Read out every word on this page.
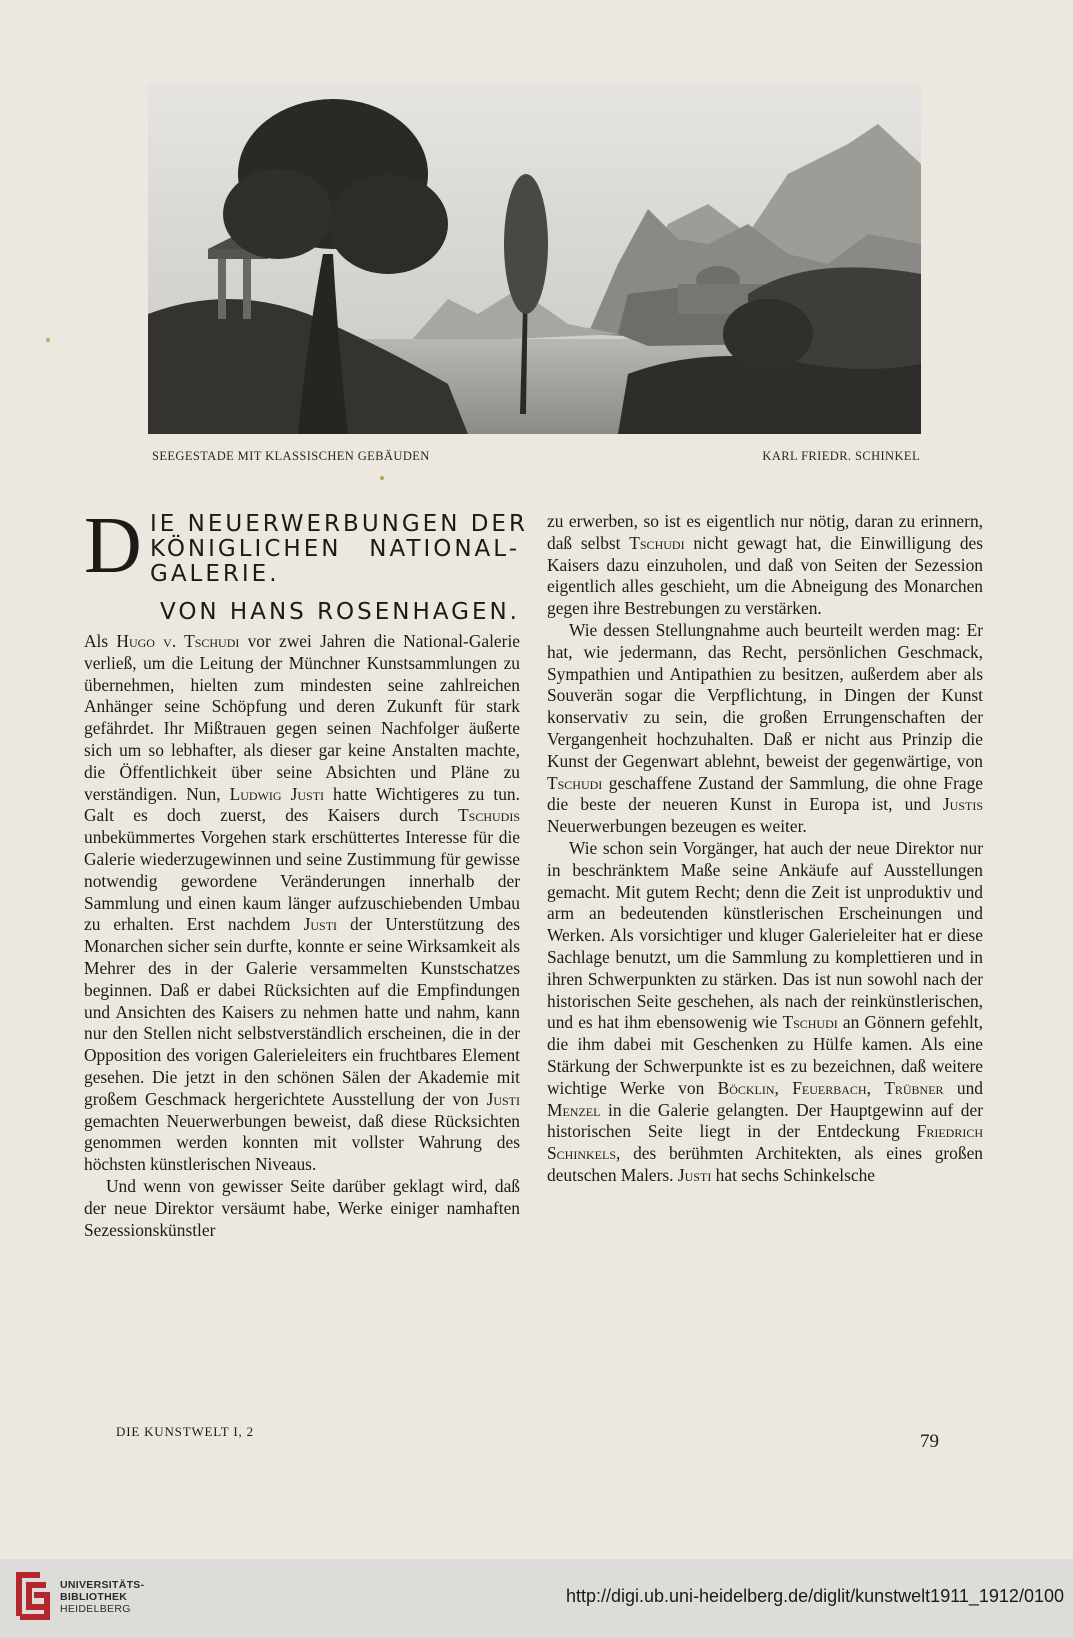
SEEGESTADE MIT KLASSISCHEN GEBÄUDEN	KARL FRIEDR. SCHINKEL
D IE NEUERWERBUNGEN DER
KÖNIGLICHEN NATIONAL-
GALERIE.
VON HANS ROSENHAGEN.

Als Hugo v. Tschudi vor zwei Jahren die National-Galerie verließ, um die Leitung der Münchner Kunstsammlungen zu übernehmen, hielten zum mindesten seine zahlreichen Anhänger seine Schöpfung und deren Zukunft für stark gefährdet. Ihr Mißtrauen gegen seinen Nachfolger äußerte sich um so lebhafter, als dieser gar keine Anstalten machte, die Öffentlichkeit über seine Absichten und Pläne zu verständigen. Nun, Ludwig Justi hatte Wichtigeres zu tun. Galt es doch zuerst, des Kaisers durch Tschudis unbekümmertes Vorgehen stark erschüttertes Interesse für die Galerie wiederzugewinnen und seine Zustimmung für gewisse notwendig gewordene Veränderungen innerhalb der Sammlung und einen kaum länger aufzuschiebenden Umbau zu erhalten. Erst nachdem Justi der Unterstützung des Monarchen sicher sein durfte, konnte er seine Wirksamkeit als Mehrer des in der Galerie versammelten Kunstschatzes beginnen. Daß er dabei Rücksichten auf die Empfindungen und Ansichten des Kaisers zu nehmen hatte und nahm, kann nur den Stellen nicht selbstverständlich erscheinen, die in der Opposition des vorigen Galerieleiters ein fruchtbares Element gesehen. Die jetzt in den schönen Sälen der Akademie mit großem Geschmack hergerichtete Ausstellung der von Justi gemachten Neuerwerbungen beweist, daß diese Rücksichten genommen werden konnten mit vollster Wahrung des höchsten künstlerischen Niveaus.

Und wenn von gewisser Seite darüber geklagt wird, daß der neue Direktor versäumt habe, Werke einiger namhaften Sezessionskünstler

zu erwerben, so ist es eigentlich nur nötig, daran zu erinnern, daß selbst Tschudi nicht gewagt hat, die Einwilligung des Kaisers dazu einzuholen, und daß von Seiten der Sezession eigentlich alles geschieht, um die Abneigung des Monarchen gegen ihre Bestrebungen zu verstärken.

Wie dessen Stellungnahme auch beurteilt werden mag: Er hat, wie jedermann, das Recht, persönlichen Geschmack, Sympathien und Antipathien zu besitzen, außerdem aber als Souverän sogar die Verpflichtung, in Dingen der Kunst konservativ zu sein, die großen Errungenschaften der Vergangenheit hochzuhalten. Daß er nicht aus Prinzip die Kunst der Gegenwart ablehnt, beweist der gegenwärtige, von Tschudi geschaffene Zustand der Sammlung, die ohne Frage die beste der neueren Kunst in Europa ist, und Justis Neuerwerbungen bezeugen es weiter.

Wie schon sein Vorgänger, hat auch der neue Direktor nur in beschränktem Maße seine Ankäufe auf Ausstellungen gemacht. Mit gutem Recht; denn die Zeit ist unproduktiv und arm an bedeutenden künstlerischen Erscheinungen und Werken. Als vorsichtiger und kluger Galerieleiter hat er diese Sachlage benutzt, um die Sammlung zu komplettieren und in ihren Schwerpunkten zu stärken. Das ist nun sowohl nach der historischen Seite geschehen, als nach der reinkünstlerischen, und es hat ihm ebensowenig wie Tschudi an Gönnern gefehlt, die ihm dabei mit Geschenken zu Hülfe kamen. Als eine Stärkung der Schwerpunkte ist es zu bezeichnen, daß weitere wichtige Werke von Böcklin, Feuerbach, Trübner und Menzel in die Galerie gelangten. Der Hauptgewinn auf der historischen Seite liegt in der Entdeckung Friedrich Schinkels, des berühmten Architekten, als eines großen deutschen Malers. Justi hat sechs Schinkelsche

DIE KUNSTWELT I, 2	79
UNIVERSITÄTS-
BIBLIOTHEK
HEIDELBERG
http://digi.ub.uni-heidelberg.de/diglit/kunstwelt1911_1912/0100
